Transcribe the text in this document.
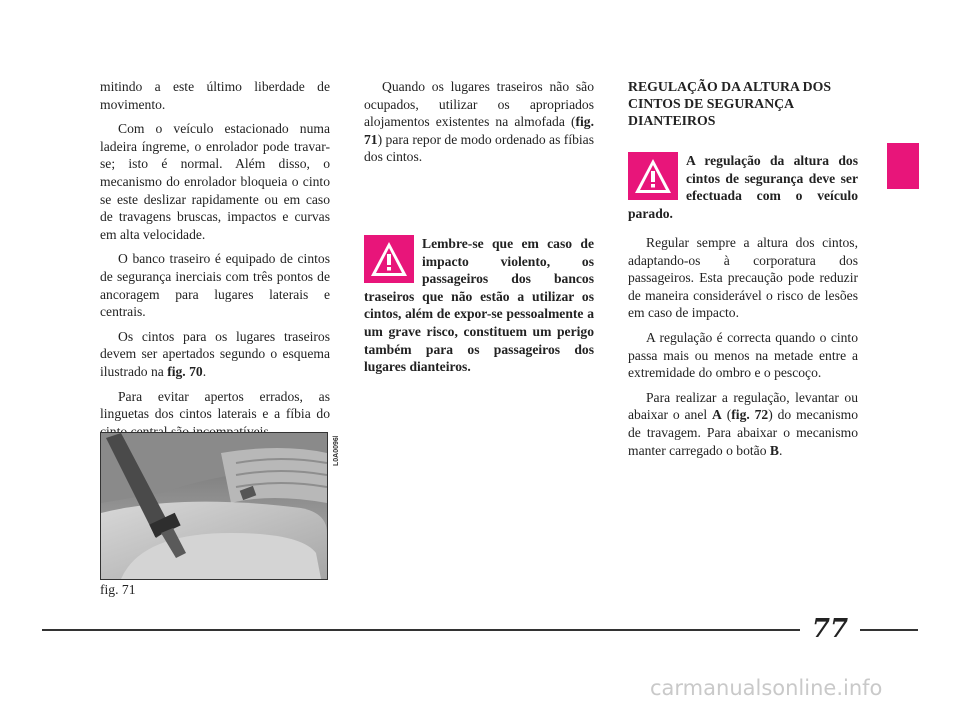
mitindo a este último liberdade de movimento.

Com o veículo estacionado numa ladeira íngreme, o enrolador pode travar-se; isto é normal. Além disso, o mecanismo do enrolador bloqueia o cinto se este deslizar rapidamente ou em caso de travagens bruscas, impactos e curvas em alta velocidade.

O banco traseiro é equipado de cintos de segurança inerciais com três pontos de ancoragem para lugares laterais e centrais.

Os cintos para os lugares traseiros devem ser apertados segundo o esquema ilustrado na fig. 70.

Para evitar apertos errados, as linguetas dos cintos laterais e a fíbia do

L0A0096b
fig. 71

Quando os lugares traseiros não são ocupados, utilizar os apropriados alojamentos existentes na almofada (fig. 71) para repor de modo ordenado as fíbias dos cintos.

Lembre-se que em caso de impacto violento, os passageiros dos bancos traseiros que não estão a utilizar os cintos, além de expor-se pessoalmente a um grave risco, constituem um perigo também para os passageiros dos lugares dianteiros.

REGULAÇÃO DA ALTURA DOS CINTOS DE SEGURANÇA DIANTEIROS

A regulação da altura dos cintos de segurança deve ser efectuada com o veículo parado.

Regular sempre a altura dos cintos, adaptando-os à corporatura dos passageiros. Esta precaução pode reduzir de maneira considerável o risco de lesões em caso de impacto.

A regulação é correcta quando o cinto passa mais ou menos na metade entre a extremidade do ombro e o pescoço.

Para realizar a regulação, levantar ou abaixar o anel A (fig. 72) do mecanismo de travagem. Para abaixar o mecanismo manter carregado o botão B.

77
carmanualsonline.info
